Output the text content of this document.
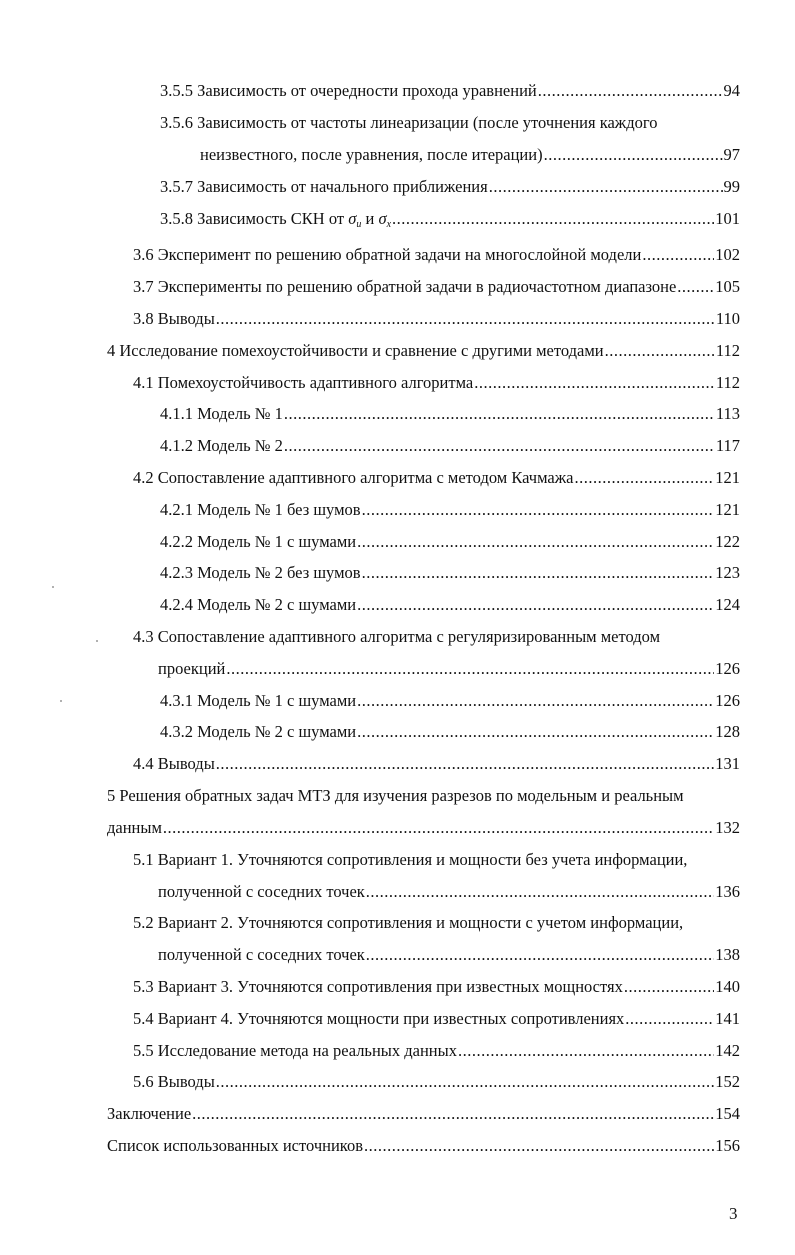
3.5.5 Зависимость от очередности прохода уравнений .....	94
3.5.6 Зависимость от частоты линеаризации (после уточнения каждого
неизвестного, после уравнения, после итерации) .....	97
3.5.7 Зависимость от начального приближения .....	99
3.5.8 Зависимость СКН от $\sigma_u$ и $\sigma_x$ .....	101
3.6 Эксперимент по решению обратной задачи на многослойной модели .....	102
3.7 Эксперименты по решению обратной задачи в радиочастотном диапазоне ..... 105
3.8 Выводы .....	110
4 Исследование помехоустойчивости и сравнение с другими методами .....	112
4.1 Помехоустойчивость адаптивного алгоритма .....	112
4.1.1 Модель № 1 .....	113
4.1.2 Модель № 2 .....	117
4.2 Сопоставление адаптивного алгоритма с методом Качмажа .....	121
4.2.1 Модель № 1 без шумов .....	121
4.2.2 Модель № 1 с шумами .....	122
4.2.3 Модель № 2 без шумов .....	123
4.2.4 Модель № 2 с шумами .....	124
4.3 Сопоставление адаптивного алгоритма с регуляризированным методом
проекций .....	126
4.3.1 Модель № 1 с шумами .....	126
4.3.2 Модель № 2 с шумами .....	128
4.4 Выводы .....	131
5 Решения обратных задач МТЗ для изучения разрезов по модельным и реальным
данным .....	132
5.1 Вариант 1. Уточняются сопротивления и мощности без учета информации,
полученной с соседних точек .....	136
5.2 Вариант 2. Уточняются сопротивления и мощности с учетом информации,
полученной с соседних точек .....	138
5.3 Вариант 3. Уточняются сопротивления при известных мощностях .....	140
5.4 Вариант 4. Уточняются мощности при известных сопротивлениях .....	141
5.5 Исследование метода на реальных данных .....	142
5.6 Выводы .....	152
Заключение .....	154
Список использованных источников .....	156
3
